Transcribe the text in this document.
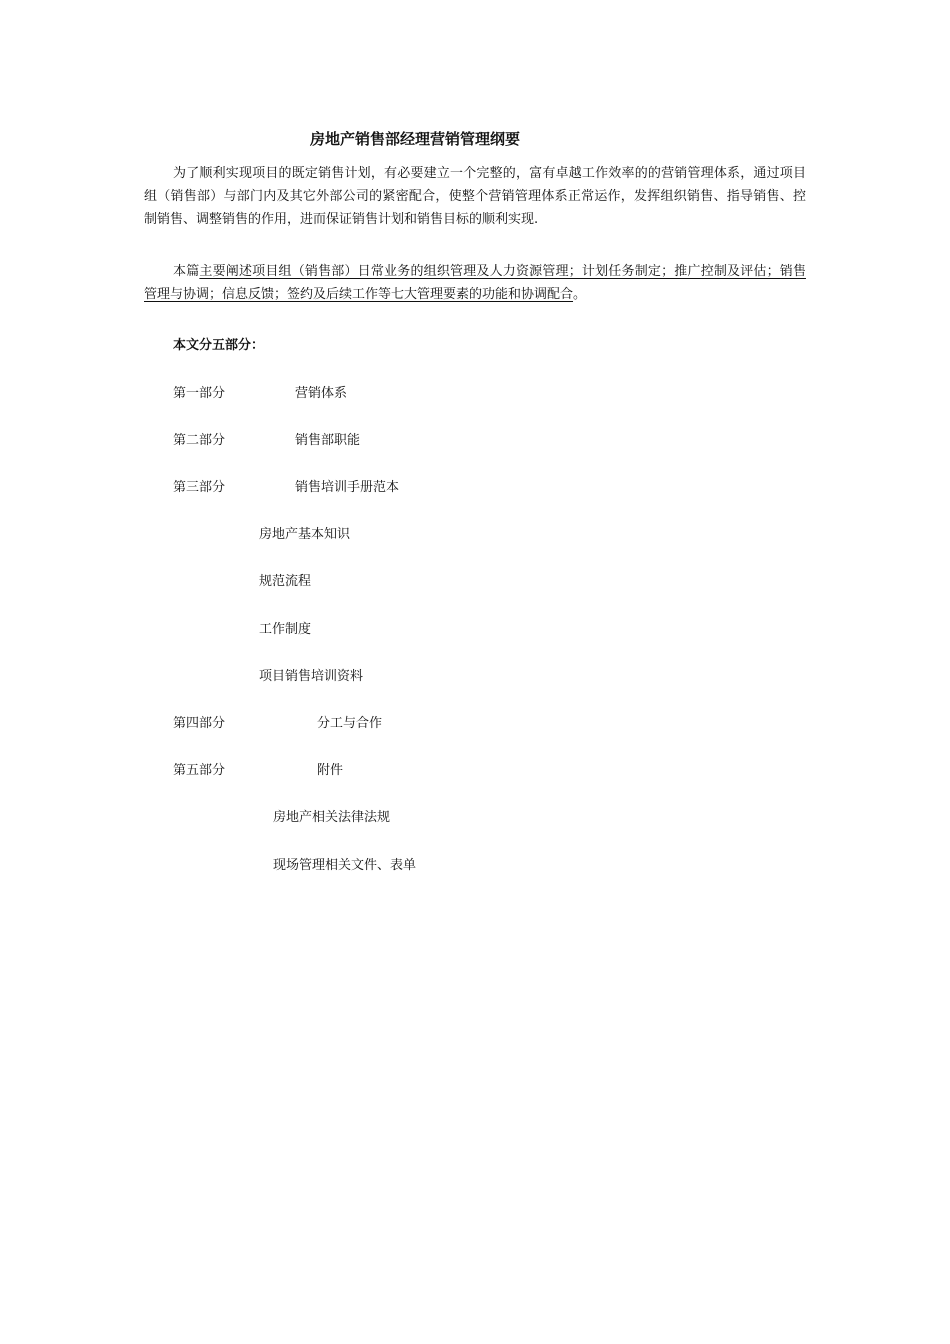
房地产销售部经理营销管理纲要
为了顺利实现项目的既定销售计划，有必要建立一个完整的，富有卓越工作效率的的营销管理体系，通过项目组（销售部）与部门内及其它外部公司的紧密配合，使整个营销管理体系正常运作，发挥组织销售、指导销售、控制销售、调整销售的作用，进而保证销售计划和销售目标的顺利实现.
本篇主要阐述项目组（销售部）日常业务的组织管理及人力资源管理；计划任务制定；推广控制及评估；销售管理与协调；信息反馈；签约及后续工作等七大管理要素的功能和协调配合。
本文分五部分：
第一部分	营销体系
第二部分	销售部职能
第三部分	销售培训手册范本
房地产基本知识
规范流程
工作制度
项目销售培训资料
第四部分	分工与合作
第五部分	附件
房地产相关法律法规
现场管理相关文件、表单
